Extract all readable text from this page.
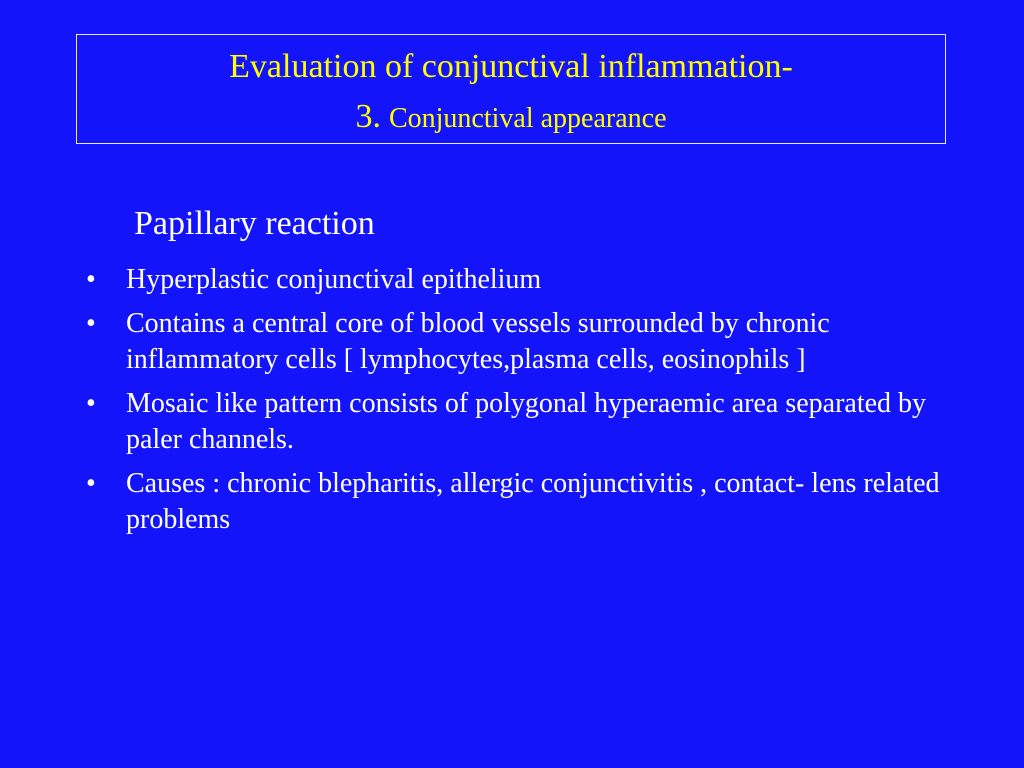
Evaluation of conjunctival inflammation-
3. Conjunctival appearance
Papillary reaction
• Hyperplastic conjunctival epithelium
• Contains a central core of blood vessels surrounded by chronic inflammatory cells [ lymphocytes,plasma cells, eosinophils ]
• Mosaic like pattern consists of polygonal hyperaemic area separated by paler channels.
• Causes : chronic blepharitis, allergic conjunctivitis , contact- lens related problems
